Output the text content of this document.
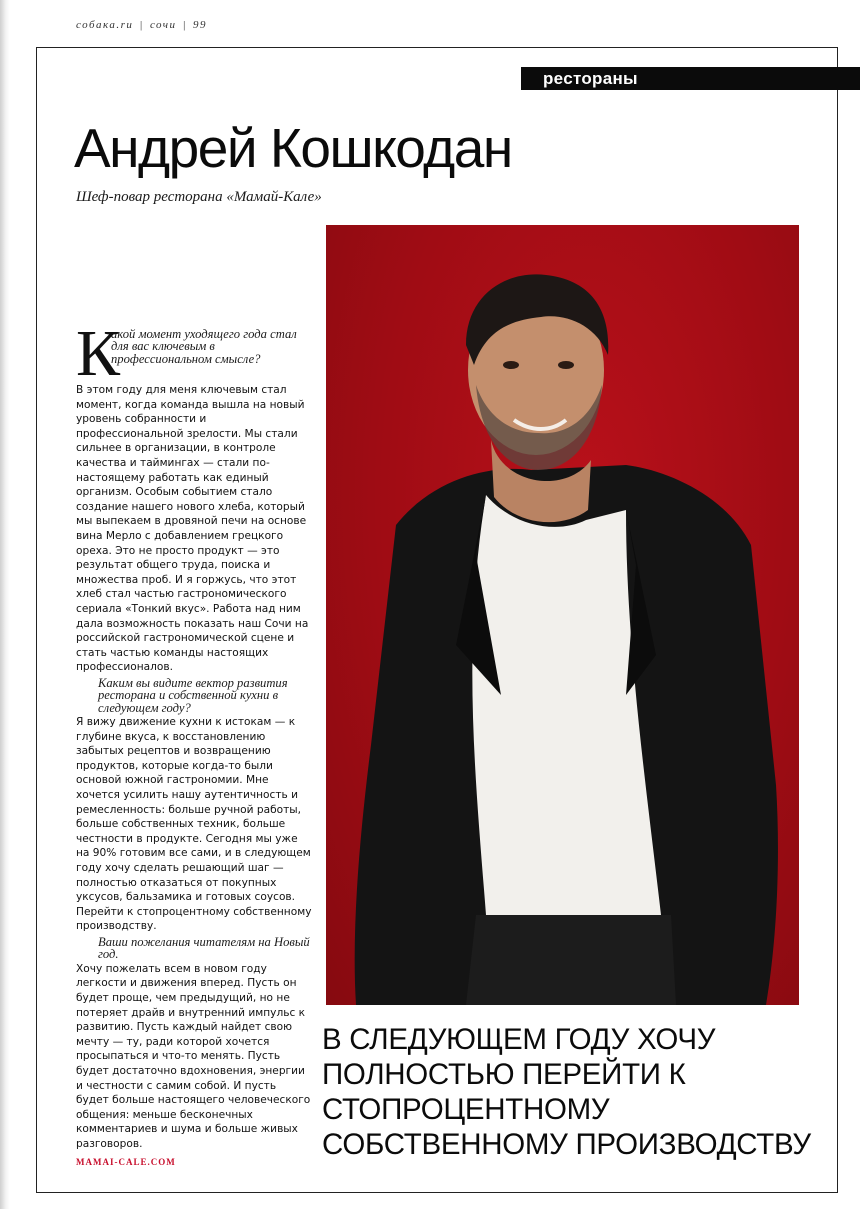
собака.ru | сочи | 99
рестораны
Андрей Кошкодан
Шеф-повар ресторана «Мамай-Кале»
К
акой момент уходящего года стал для вас ключевым в профессиональном смысле?

В этом году для меня ключевым стал момент, когда команда вышла на новый уровень собранности и профессиональной зрелости. Мы стали сильнее в организации, в контроле качества и таймингах — стали по-настоящему работать как единый организм. Особым событием стало создание нашего нового хлеба, который мы выпекаем в дровяной печи на основе вина Мерло с добавлением грецкого ореха. Это не просто продукт — это результат общего труда, поиска и множества проб. И я горжусь, что этот хлеб стал частью гастрономического сериала «Тонкий вкус». Работа над ним дала возможность показать наш Сочи на российской гастрономической сцене и стать частью команды настоящих профессионалов.

Каким вы видите вектор развития ресторана и собственной кухни в следующем году?

Я вижу движение кухни к истокам — к глубине вкуса, к восстановлению забытых рецептов и возвращению продуктов, которые когда-то были основой южной гастрономии. Мне хочется усилить нашу аутентичность и ремесленность: больше ручной работы, больше собственных техник, больше честности в продукте. Сегодня мы уже на 90% готовим все сами, и в следующем году хочу сделать решающий шаг — полностью отказаться от покупных уксусов, бальзамика и готовых соусов. Перейти к стопроцентному собственному производству.

Ваши пожелания читателям на Новый год.

Хочу пожелать всем в новом году легкости и движения вперед. Пусть он будет проще, чем предыдущий, но не потеряет драйв и внутренний импульс к развитию. Пусть каждый найдет свою мечту — ту, ради которой хочется просыпаться и что-то менять. Пусть будет достаточно вдохновения, энергии и честности с самим собой. И пусть будет больше настоящего человеческого общения: меньше бесконечных комментариев и шума и больше живых разговоров.

MAMAI-CALE.COM
В СЛЕДУЮЩЕМ ГОДУ ХОЧУ ПОЛНОСТЬЮ ПЕРЕЙТИ К СТОПРОЦЕНТНОМУ СОБСТВЕННОМУ ПРОИЗВОДСТВУ
